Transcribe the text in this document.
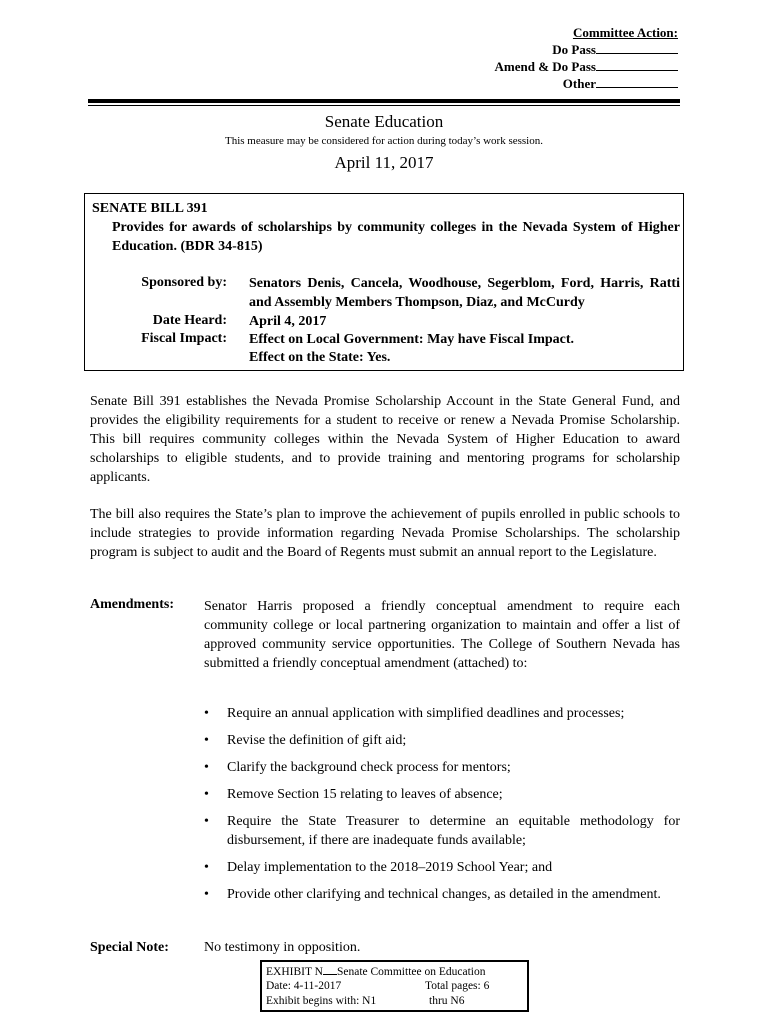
Committee Action:
Do Pass
Amend & Do Pass
Other
Senate Education
This measure may be considered for action during today’s work session.
April 11, 2017
SENATE BILL 391
Provides for awards of scholarships by community colleges in the Nevada System of Higher Education. (BDR 34-815)
Sponsored by: Senators Denis, Cancela, Woodhouse, Segerblom, Ford, Harris, Ratti and Assembly Members Thompson, Diaz, and McCurdy
Date Heard: April 4, 2017
Fiscal Impact: Effect on Local Government: May have Fiscal Impact.
Effect on the State: Yes.
Senate Bill 391 establishes the Nevada Promise Scholarship Account in the State General Fund, and provides the eligibility requirements for a student to receive or renew a Nevada Promise Scholarship. This bill requires community colleges within the Nevada System of Higher Education to award scholarships to eligible students, and to provide training and mentoring programs for scholarship applicants.
The bill also requires the State’s plan to improve the achievement of pupils enrolled in public schools to include strategies to provide information regarding Nevada Promise Scholarships. The scholarship program is subject to audit and the Board of Regents must submit an annual report to the Legislature.
Amendments: Senator Harris proposed a friendly conceptual amendment to require each community college or local partnering organization to maintain and offer a list of approved community service opportunities. The College of Southern Nevada has submitted a friendly conceptual amendment (attached) to:
• Require an annual application with simplified deadlines and processes;
• Revise the definition of gift aid;
• Clarify the background check process for mentors;
• Remove Section 15 relating to leaves of absence;
• Require the State Treasurer to determine an equitable methodology for disbursement, if there are inadequate funds available;
• Delay implementation to the 2018–2019 School Year; and
• Provide other clarifying and technical changes, as detailed in the amendment.
Special Note:	No testimony in opposition.
EXHIBIT N Senate Committee on Education
Date: 4-11-2017	Total pages: 6
Exhibit begins with: N1	thru N6
